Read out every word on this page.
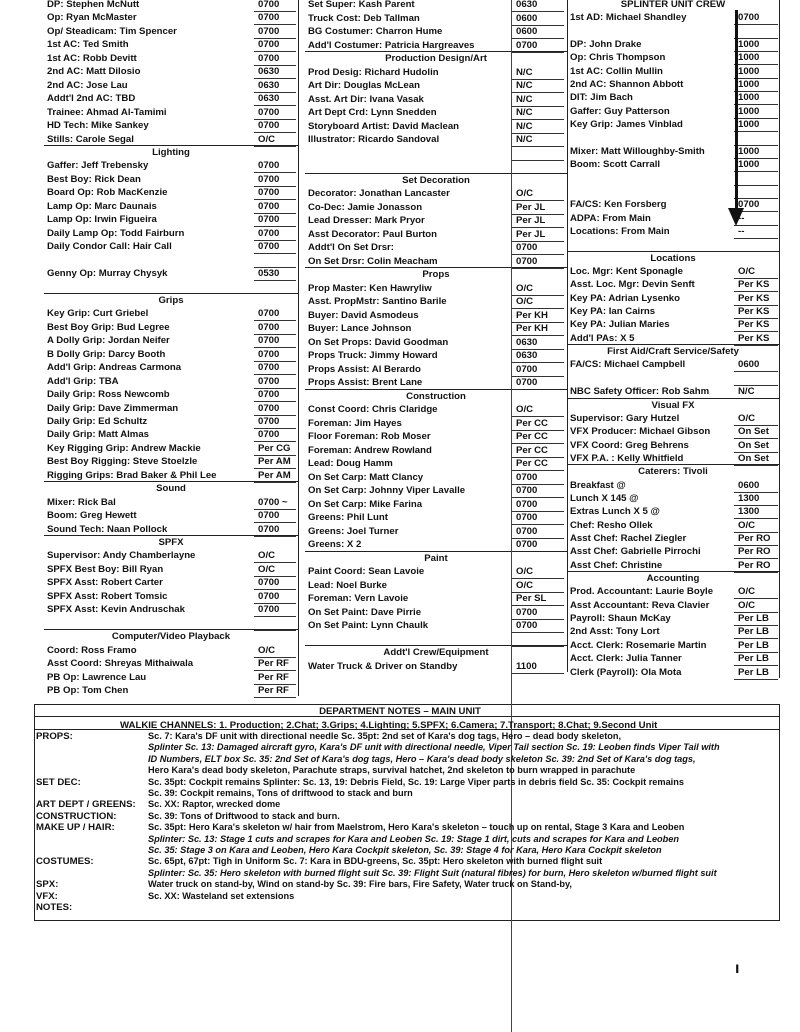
DP: Stephen McNutt	0700
Op: Ryan McMaster	0700
Op/ Steadicam: Tim Spencer	0700
1st AC: Ted Smith	0700
1st AC: Robb Devitt	0700
2nd AC: Matt Dilosio	0630
2nd AC: Jose Lau	0630
Addt'l 2nd AC: TBD	0630
Trainee: Ahmad Al-Tamimi	0700
HD Tech: Mike Sankey	0700
Stills: Carole Segal	O/C
Lighting
Gaffer: Jeff Trebensky	0700
Best Boy: Rick Dean	0700
Board Op: Rob MacKenzie	0700
Lamp Op: Marc Daunais	0700
Lamp Op: Irwin Figueira	0700
Daily Lamp Op: Todd Fairburn	0700
Daily Condor Call: Hair Call	0700
Genny Op: Murray Chysyk	0530
Grips
Key Grip: Curt Griebel	0700
Best Boy Grip: Bud Legree	0700
A Dolly Grip: Jordan Neifer	0700
B Dolly Grip: Darcy Booth	0700
Add'l Grip: Andreas Carmona	0700
Add'l Grip: TBA	0700
Daily Grip: Ross Newcomb	0700
Daily Grip: Dave Zimmerman	0700
Daily Grip: Ed Schultz	0700
Daily Grip: Matt Almas	0700
Key Rigging Grip: Andrew Mackie	Per CG
Best Boy Rigging: Steve Stoelzle	Per AM
Rigging Grips: Brad Baker & Phil Lee	Per AM
Sound
Mixer: Rick Bal	0700 ~
Boom: Greg Hewett	0700
Sound Tech: Naan Pollock	0700
SPFX
Supervisor: Andy Chamberlayne	O/C
SPFX Best Boy: Bill Ryan	O/C
SPFX Asst: Robert Carter	0700
SPFX Asst: Robert Tomsic	0700
SPFX Asst: Kevin Andruschak	0700
Computer/Video Playback
Coord: Ross Framo	O/C
Asst Coord: Shreyas Mithaiwala	Per RF
PB Op: Lawrence Lau	Per RF
PB Op: Tom Chen	Per RF
Set Super: Kash Parent	0630
Truck Cost: Deb Tallman	0600
BG Costumer: Charron Hume	0600
Add'l Costumer: Patricia Hargreaves	0700
Production Design/Art
Prod Desig: Richard Hudolin	N/C
Art Dir: Douglas McLean	N/C
Asst. Art Dir: Ivana Vasak	N/C
Art Dept Crd: Lynn Snedden	N/C
Storyboard Artist: David Maclean	N/C
Illustrator: Ricardo Sandoval	N/C
Set Decoration
Decorator: Jonathan Lancaster	O/C
Co-Dec: Jamie Jonasson	Per JL
Lead Dresser: Mark Pryor	Per JL
Asst Decorator: Paul Burton	Per JL
Addt'l On Set Drsr:	0700
On Set Drsr: Colin Meacham	0700
Props
Prop Master: Ken Hawryliw	O/C
Asst. PropMstr: Santino Barile	O/C
Buyer: David Asmodeus	Per KH
Buyer: Lance Johnson	Per KH
On Set Props: David Goodman	0630
Props Truck: Jimmy Howard	0630
Props Assist: Al Berardo	0700
Props Assist: Brent Lane	0700
Construction
Const Coord: Chris Claridge	O/C
Foreman: Jim Hayes	Per CC
Floor Foreman: Rob Moser	Per CC
Foreman: Andrew Rowland	Per CC
Lead: Doug Hamm	Per CC
On Set Carp: Matt Clancy	0700
On Set Carp: Johnny Viper Lavalle	0700
On Set Carp: Mike Farina	0700
Greens: Phil Lunt	0700
Greens: Joel Turner	0700
Greens: X 2	0700
Paint
Paint Coord: Sean Lavoie	O/C
Lead: Noel Burke	O/C
Foreman: Vern Lavoie	Per SL
On Set Paint: Dave Pirrie	0700
On Set Paint: Lynn Chaulk	0700
Addt'l Crew/Equipment
Water Truck & Driver on Standby	1100
SPLINTER UNIT CREW
1st AD: Michael Shandley	0700
DP: John Drake	1000
Op: Chris Thompson	1000
1st AC: Collin Mullin	1000
2nd AC: Shannon Abbott	1000
DIT: Jim Bach	1000
Gaffer: Guy Patterson	1000
Key Grip: James Vinblad	1000
Mixer: Matt Willoughby-Smith	1000
Boom: Scott Carrall	1000
FA/CS: Ken Forsberg	0700
ADPA: From Main	--
Locations: From Main	--
Locations
Loc. Mgr: Kent Sponagle	O/C
Asst. Loc. Mgr: Devin Senft	Per KS
Key PA: Adrian Lysenko	Per KS
Key PA: Ian Cairns	Per KS
Key PA: Julian Maries	Per KS
Add'l PAs: X 5	Per KS
First Aid/Craft Service/Safety
FA/CS: Michael Campbell	0600
NBC Safety Officer: Rob Sahm	N/C
Visual FX
Supervisor: Gary Hutzel	O/C
VFX Producer: Michael Gibson	On Set
VFX Coord: Greg Behrens	On Set
VFX P.A. : Kelly Whitfield	On Set
Caterers: Tivoli
Breakfast @	0600
Lunch X 145 @	1300
Extras Lunch X 5 @	1300
Chef: Resho Ollek	O/C
Asst Chef: Rachel Ziegler	Per RO
Asst Chef: Gabrielle Pirrochi	Per RO
Asst Chef: Christine	Per RO
Accounting
Prod. Accountant: Laurie Boyle	O/C
Asst Accountant: Reva Clavier	O/C
Payroll: Shaun McKay	Per LB
2nd Asst: Tony Lort	Per LB
Acct. Clerk: Rosemarie Martin	Per LB
Acct. Clerk: Julia Tanner	Per LB
Clerk (Payroll): Ola Mota	Per LB
DEPARTMENT NOTES – MAIN UNIT
WALKIE CHANNELS: 1. Production; 2.Chat; 3.Grips; 4.Lighting; 5.SPFX; 6.Camera; 7.Transport; 8.Chat; 9.Second Unit
PROPS:	Sc. 7: Kara's DF unit with directional needle Sc. 35pt: 2nd set of Kara's dog tags, Hero – dead body skeleton,
Splinter Sc. 13: Damaged aircraft gyro, Kara's DF unit with directional needle, Viper Tail section Sc. 19: Leoben finds Viper Tail with
ID Numbers, ELT box Sc. 35: 2nd Set of Kara's dog tags, Hero – Kara's dead body skeleton Sc. 39: 2nd Set of Kara's dog tags,
Hero Kara's dead body skeleton, Parachute straps, survival hatchet, 2nd skeleton to burn wrapped in parachute
SET DEC:	Sc. 35pt: Cockpit remains Splinter: Sc. 13, 19: Debris Field, Sc. 19: Large Viper parts in debris field Sc. 35: Cockpit remains
Sc. 39: Cockpit remains, Tons of driftwood to stack and burn
ART DEPT / GREENS: Sc. XX: Raptor, wrecked dome
CONSTRUCTION:	Sc. 39: Tons of Driftwood to stack and burn.
MAKE UP / HAIR:	Sc. 35pt: Hero Kara's skeleton w/ hair from Maelstrom, Hero Kara's skeleton – touch up on rental, Stage 3 Kara and Leoben
Splinter: Sc. 13: Stage 1 cuts and scrapes for Kara and Leoben Sc. 19: Stage 1 dirt, cuts and scrapes for Kara and Leoben
Sc. 35: Stage 3 on Kara and Leoben, Hero Kara Cockpit skeleton, Sc. 39: Stage 4 for Kara, Hero Kara Cockpit skeleton
COSTUMES:	Sc. 65pt, 67pt: Tigh in Uniform Sc. 7: Kara in BDU-greens, Sc. 35pt: Hero skeleton with burned flight suit
Splinter: Sc. 35: Hero skeleton with burned flight suit Sc. 39: Flight Suit (natural fibres) for burn, Hero skeleton w/burned flight suit
SPX:	Water truck on stand-by, Wind on stand-by Sc. 39: Fire bars, Fire Safety, Water truck on Stand-by,
VFX:	Sc. XX: Wasteland set extensions
NOTES:
ı
